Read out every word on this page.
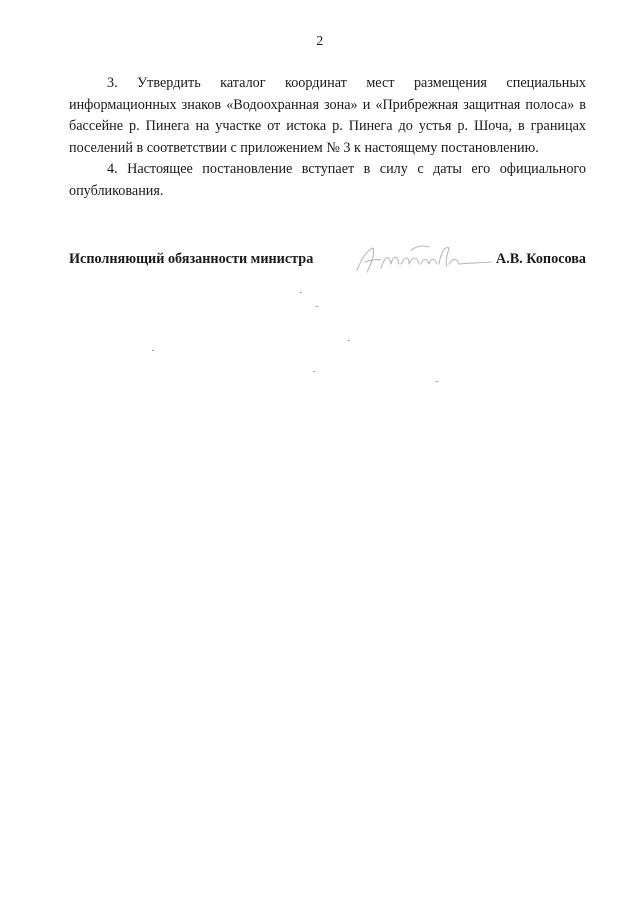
2

3. Утвердить каталог координат мест размещения специальных информационных знаков «Водоохранная зона» и «Прибрежная защитная полоса» в бассейне р. Пинега на участке от истока р. Пинега до устья р. Шоча, в границах поселений в соответствии с приложением № 3 к настоящему постановлению.

4. Настоящее постановление вступает в силу с даты его официального опубликования.

Исполняющий обязанности министра	А.В. Копосова
